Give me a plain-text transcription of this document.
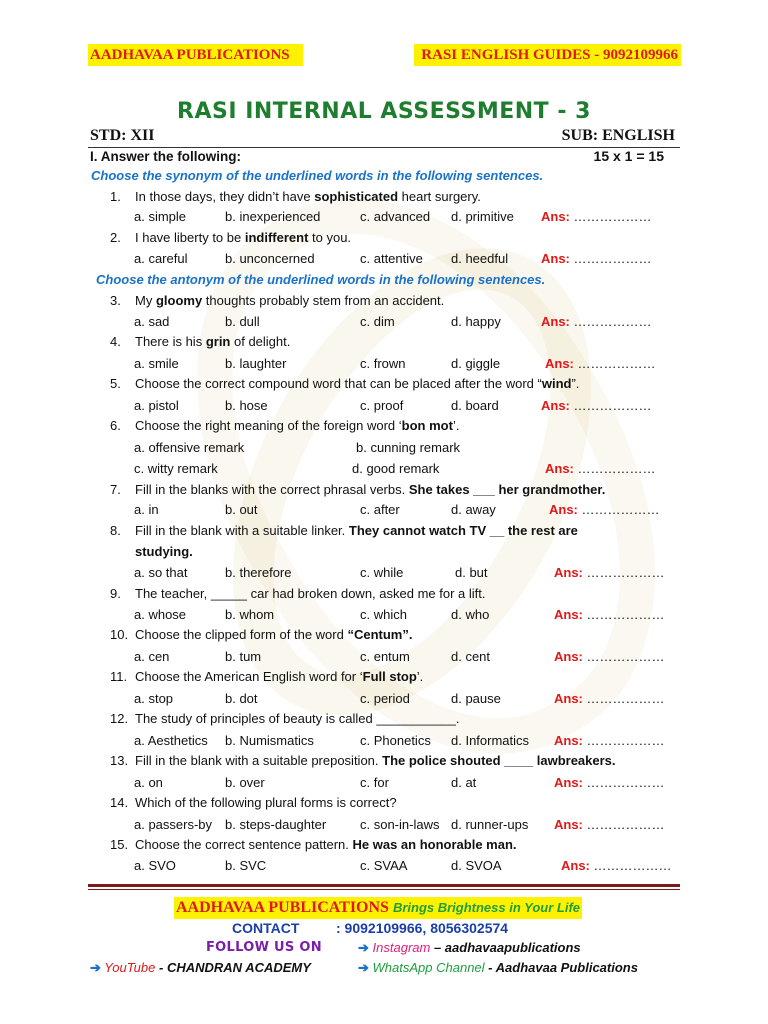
AADHAVAA PUBLICATIONS	RASI ENGLISH GUIDES - 9092109966
RASI INTERNAL ASSESSMENT - 3
STD: XII	SUB: ENGLISH
I. Answer the following:	15 x 1 = 15
Choose the synonym of the underlined words in the following sentences.
Choose the antonym of the underlined words in the following sentences.
1. In those days, they didn’t have sophisticated heart surgery.
a. simple	b. inexperienced	c. advanced d. primitive Ans: ………………
2. I have liberty to be indifferent to you.
a. careful	b. unconcerned	c. attentive d. heedful	Ans: ………………
3. My gloomy thoughts probably stem from an accident.
a. sad	b. dull	c. dim	d. happy	Ans: ………………
4. There is his grin of delight.
a. smile	b. laughter	c. frown	d. giggle	Ans: ………………
5. Choose the correct compound word that can be placed after the word “wind”.
a. pistol	b. hose	c. proof	d. board	Ans: ………………
6. Choose the right meaning of the foreign word ‘bon mot’.
a. offensive remark	b. cunning remark
c. witty remark	d. good remark	Ans: ………………
7. Fill in the blanks with the correct phrasal verbs. She takes ___ her grandmother.
a. in	b. out	c. after	d. away	Ans: ………………
8. Fill in the blank with a suitable linker. They cannot watch TV __ the rest are
studying.
a. so that	b. therefore	c. while	d. but	Ans: ………………
9. The teacher, _____ car had broken down, asked me for a lift.
a. whose	b. whom	c. which	d. who	Ans: ………………
10. Choose the clipped form of the word “Centum”.
a. cen	b. tum	c. entum	d. cent	Ans: ………………
11. Choose the American English word for ‘Full stop’.
a. stop	b. dot	c. period	d. pause	Ans: ………………
12. The study of principles of beauty is called ___________.
a. Aesthetics b. Numismatics	c. Phonetics d. Informatics Ans: ………………
13. Fill in the blank with a suitable preposition. The police shouted ____ lawbreakers.
a. on	b. over	c. for	d. at	Ans: ………………
14. Which of the following plural forms is correct?
a. passers-by b. steps-daughter	c. son-in-laws d. runner-ups Ans: ………………
15. Choose the correct sentence pattern. He was an honorable man.
a. SVO	b. SVC	c. SVAA	d. SVOA	Ans: ………………
AADHAVAA PUBLICATIONS Brings Brightness in Your Life
CONTACT	: 9092109966, 8056302574
FOLLOW US ON	➔ Instagram – aadhavaapublications
➔ YouTube - CHANDRAN ACADEMY	➔ WhatsApp Channel - Aadhavaa Publications
